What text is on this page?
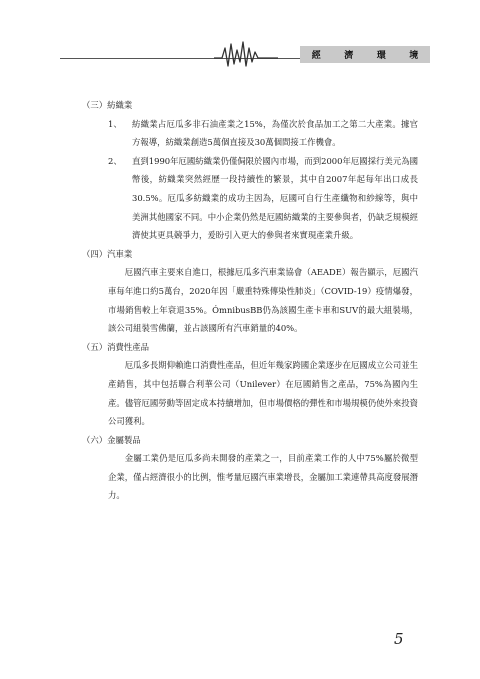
經	濟	環	境

（三）紡織業

1、 紡織業占厄瓜多非石油產業之15%，為僅次於食品加工之第二大產業。據官方報導，紡織業創造5萬個直接及30萬個間接工作機會。

2、 直到1990年厄國紡織業仍僅侷限於國內市場，而到2000年厄國採行美元為國幣後，紡織業突然經歷一段持續性的繁景，其中自2007年起每年出口成長30.5%。厄瓜多紡織業的成功主因為，厄國可自行生產纖物和紗線等，與中美洲其他國家不同。中小企業仍然是厄國紡織業的主要參與者，仍缺乏規模經濟使其更具競爭力，爰盼引入更大的參與者來實現產業升級。

（四）汽車業

厄國汽車主要來自進口，根據厄瓜多汽車業協會（AEADE）報告顯示，厄國汽車每年進口約5萬台，2020年因「嚴重特殊傳染性肺炎」（COVID-19）疫情爆發，市場銷售較上年衰退35%。ÓmnibusBB仍為該國生產卡車和SUV的最大組裝場，該公司組裝雪佛蘭，並占該國所有汽車銷量的40%。

（五）消費性產品

厄瓜多長期仰賴進口消費性產品，但近年幾家跨國企業逐步在厄國成立公司並生產銷售，其中包括聯合利華公司（Unilever）在厄國銷售之產品，75%為國內生產。儘管厄國勞動等固定成本持續增加，但市場價格的彈性和市場規模仍使外來投資公司獲利。

（六）金屬製品

金屬工業仍是厄瓜多尚未開發的產業之一，目前產業工作的人中75%屬於微型企業，僅占經濟很小的比例，惟考量厄國汽車業增長，金屬加工業連帶具高度發展潛力。

5
